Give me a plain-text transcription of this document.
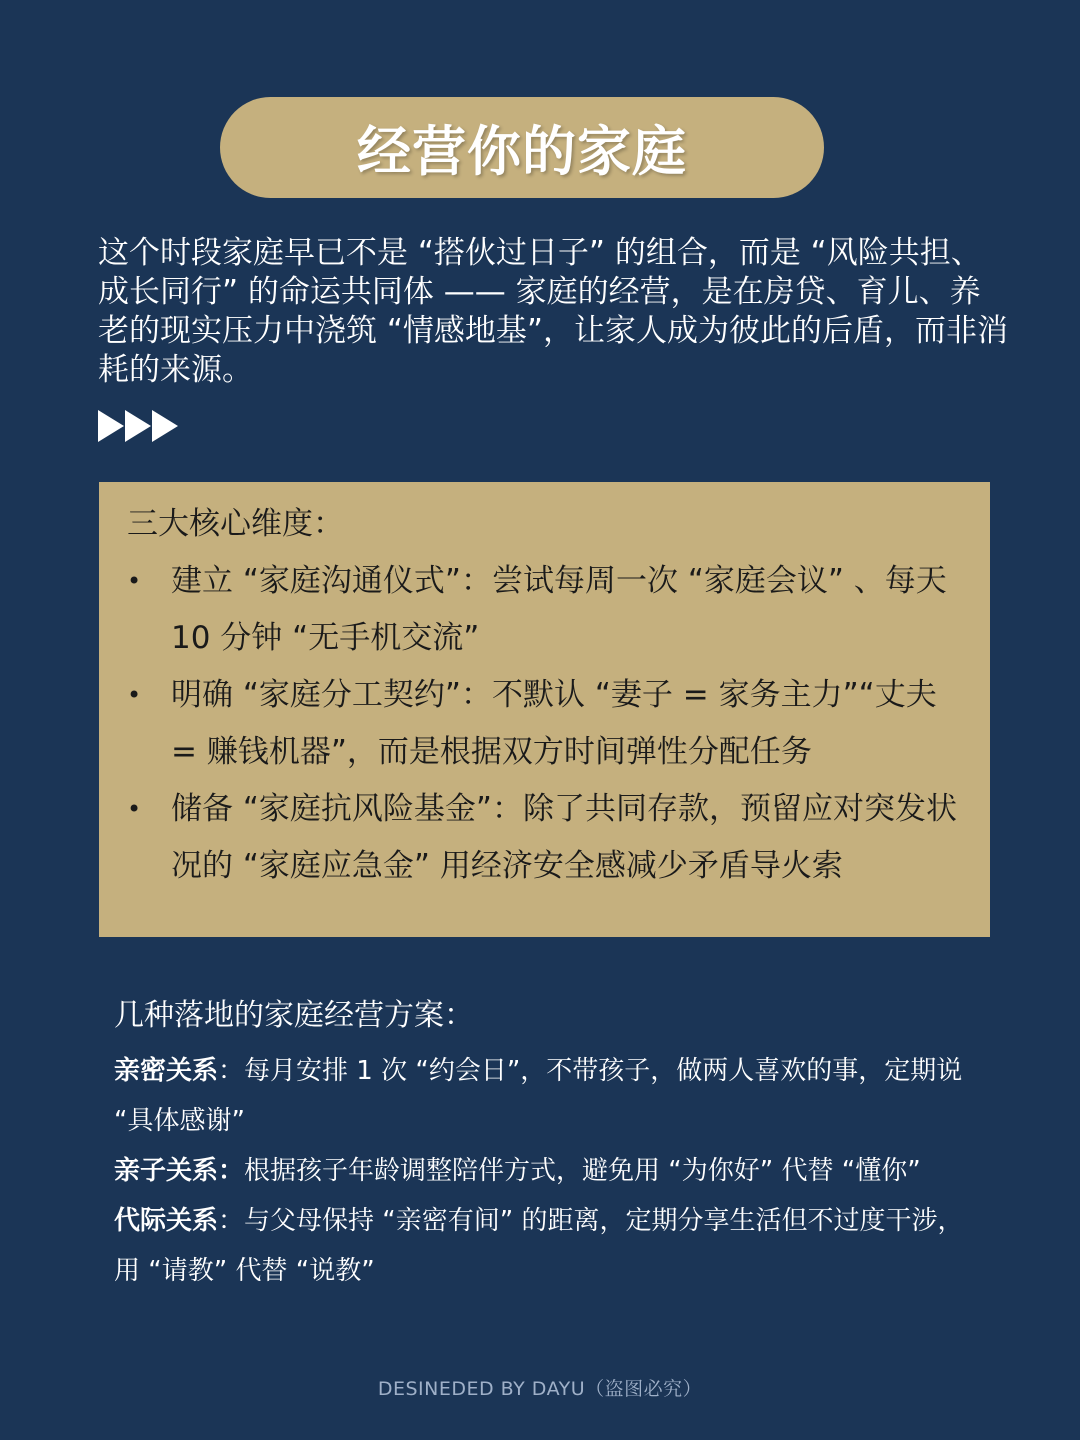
经营你的家庭

这个时段家庭早已不是 “搭伙过日子” 的组合，而是 “风险共担、成长同行” 的命运共同体 —— 家庭的经营，是在房贷、育儿、养老的现实压力中浇筑 “情感地基”，让家人成为彼此的后盾，而非消耗的来源。

三大核心维度：

• 建立 “家庭沟通仪式”：尝试每周一次 “家庭会议” 、每天 10 分钟 “无手机交流”
• 明确 “家庭分工契约”：不默认 “妻子 = 家务主力”“丈夫 = 赚钱机器”，而是根据双方时间弹性分配任务
• 储备 “家庭抗风险基金”：除了共同存款，预留应对突发状况的 “家庭应急金” 用经济安全感减少矛盾导火索

几种落地的家庭经营方案：

亲密关系：每月安排 1 次 “约会日”，不带孩子，做两人喜欢的事，定期说 “具体感谢”

亲子关系：根据孩子年龄调整陪伴方式，避免用 “为你好” 代替 “懂你”

代际关系：与父母保持 “亲密有间” 的距离，定期分享生活但不过度干涉，用 “请教” 代替 “说教”

DESINEDED BY DAYU（盗图必究）
